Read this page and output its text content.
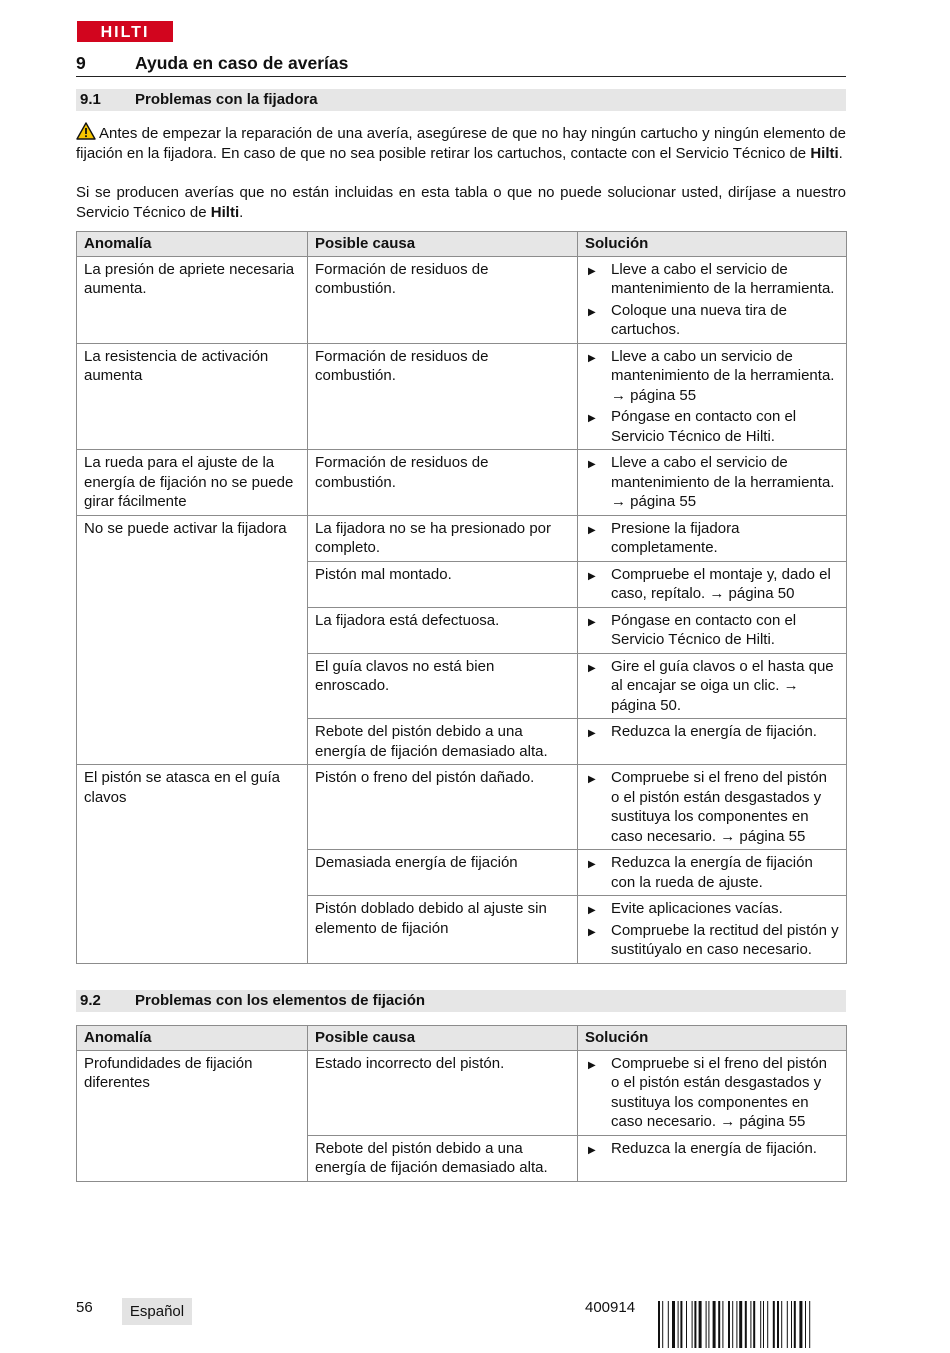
HILTI
9	Ayuda en caso de averías
9.1 Problemas con la fijadora

Antes de empezar la reparación de una avería, asegúrese de que no hay ningún cartucho y ningún elemento de fijación en la fijadora. En caso de que no sea posible retirar los cartuchos, contacte con el Servicio Técnico de Hilti.

Si se producen averías que no están incluidas en esta tabla o que no puede solucionar usted, diríjase a nuestro Servicio Técnico de Hilti.

Anomalía	Posible causa	Solución
La presión de apriete necesaria aumenta.	Formación de residuos de combustión.	▶ Lleve a cabo el servicio de mantenimiento de la herramienta.

▶ Coloque una nueva tira de cartuchos.

La resistencia de activación aumenta	Formación de residuos de combustión.	▶ Lleve a cabo un servicio de mantenimiento de la herramienta. → página 55

▶ Póngase en contacto con el Servicio Técnico de Hilti.

La rueda para el ajuste de la energía de fijación no se puede girar fácilmente	Formación de residuos de combustión.	▶ Lleve a cabo el servicio de mantenimiento de la herramienta. → página 55

No se puede activar la fijadora	La fijadora no se ha presionado por completo.	▶ Presione la fijadora completamente.

	Pistón mal montado.	▶ Compruebe el montaje y, dado el caso, repítalo. → página 50

	La fijadora está defectuosa.	▶ Póngase en contacto con el Servicio Técnico de Hilti.

	El guía clavos no está bien enroscado.	▶ Gire el guía clavos o el hasta que al encajar se oiga un clic. → página 50.

	Rebote del pistón debido a una energía de fijación demasiado alta.	▶ Reduzca la energía de fijación.

El pistón se atasca en el guía clavos	Pistón o freno del pistón dañado.	▶ Compruebe si el freno del pistón o el pistón están desgastados y sustituya los componentes en caso necesario. → página 55

	Demasiada energía de fijación	▶ Reduzca la energía de fijación con la rueda de ajuste.

	Pistón doblado debido al ajuste sin elemento de fijación	▶ Evite aplicaciones vacías.

▶ Compruebe la rectitud del pistón y sustitúyalo en caso necesario.

9.2 Problemas con los elementos de fijación
Anomalía	Posible causa	Solución
Profundidades de fijación diferentes	Estado incorrecto del pistón.	▶ Compruebe si el freno del pistón o el pistón están desgastados y sustituya los componentes en caso necesario. → página 55

	Rebote del pistón debido a una energía de fijación demasiado alta.	▶ Reduzca la energía de fijación.

56	Español	400914
